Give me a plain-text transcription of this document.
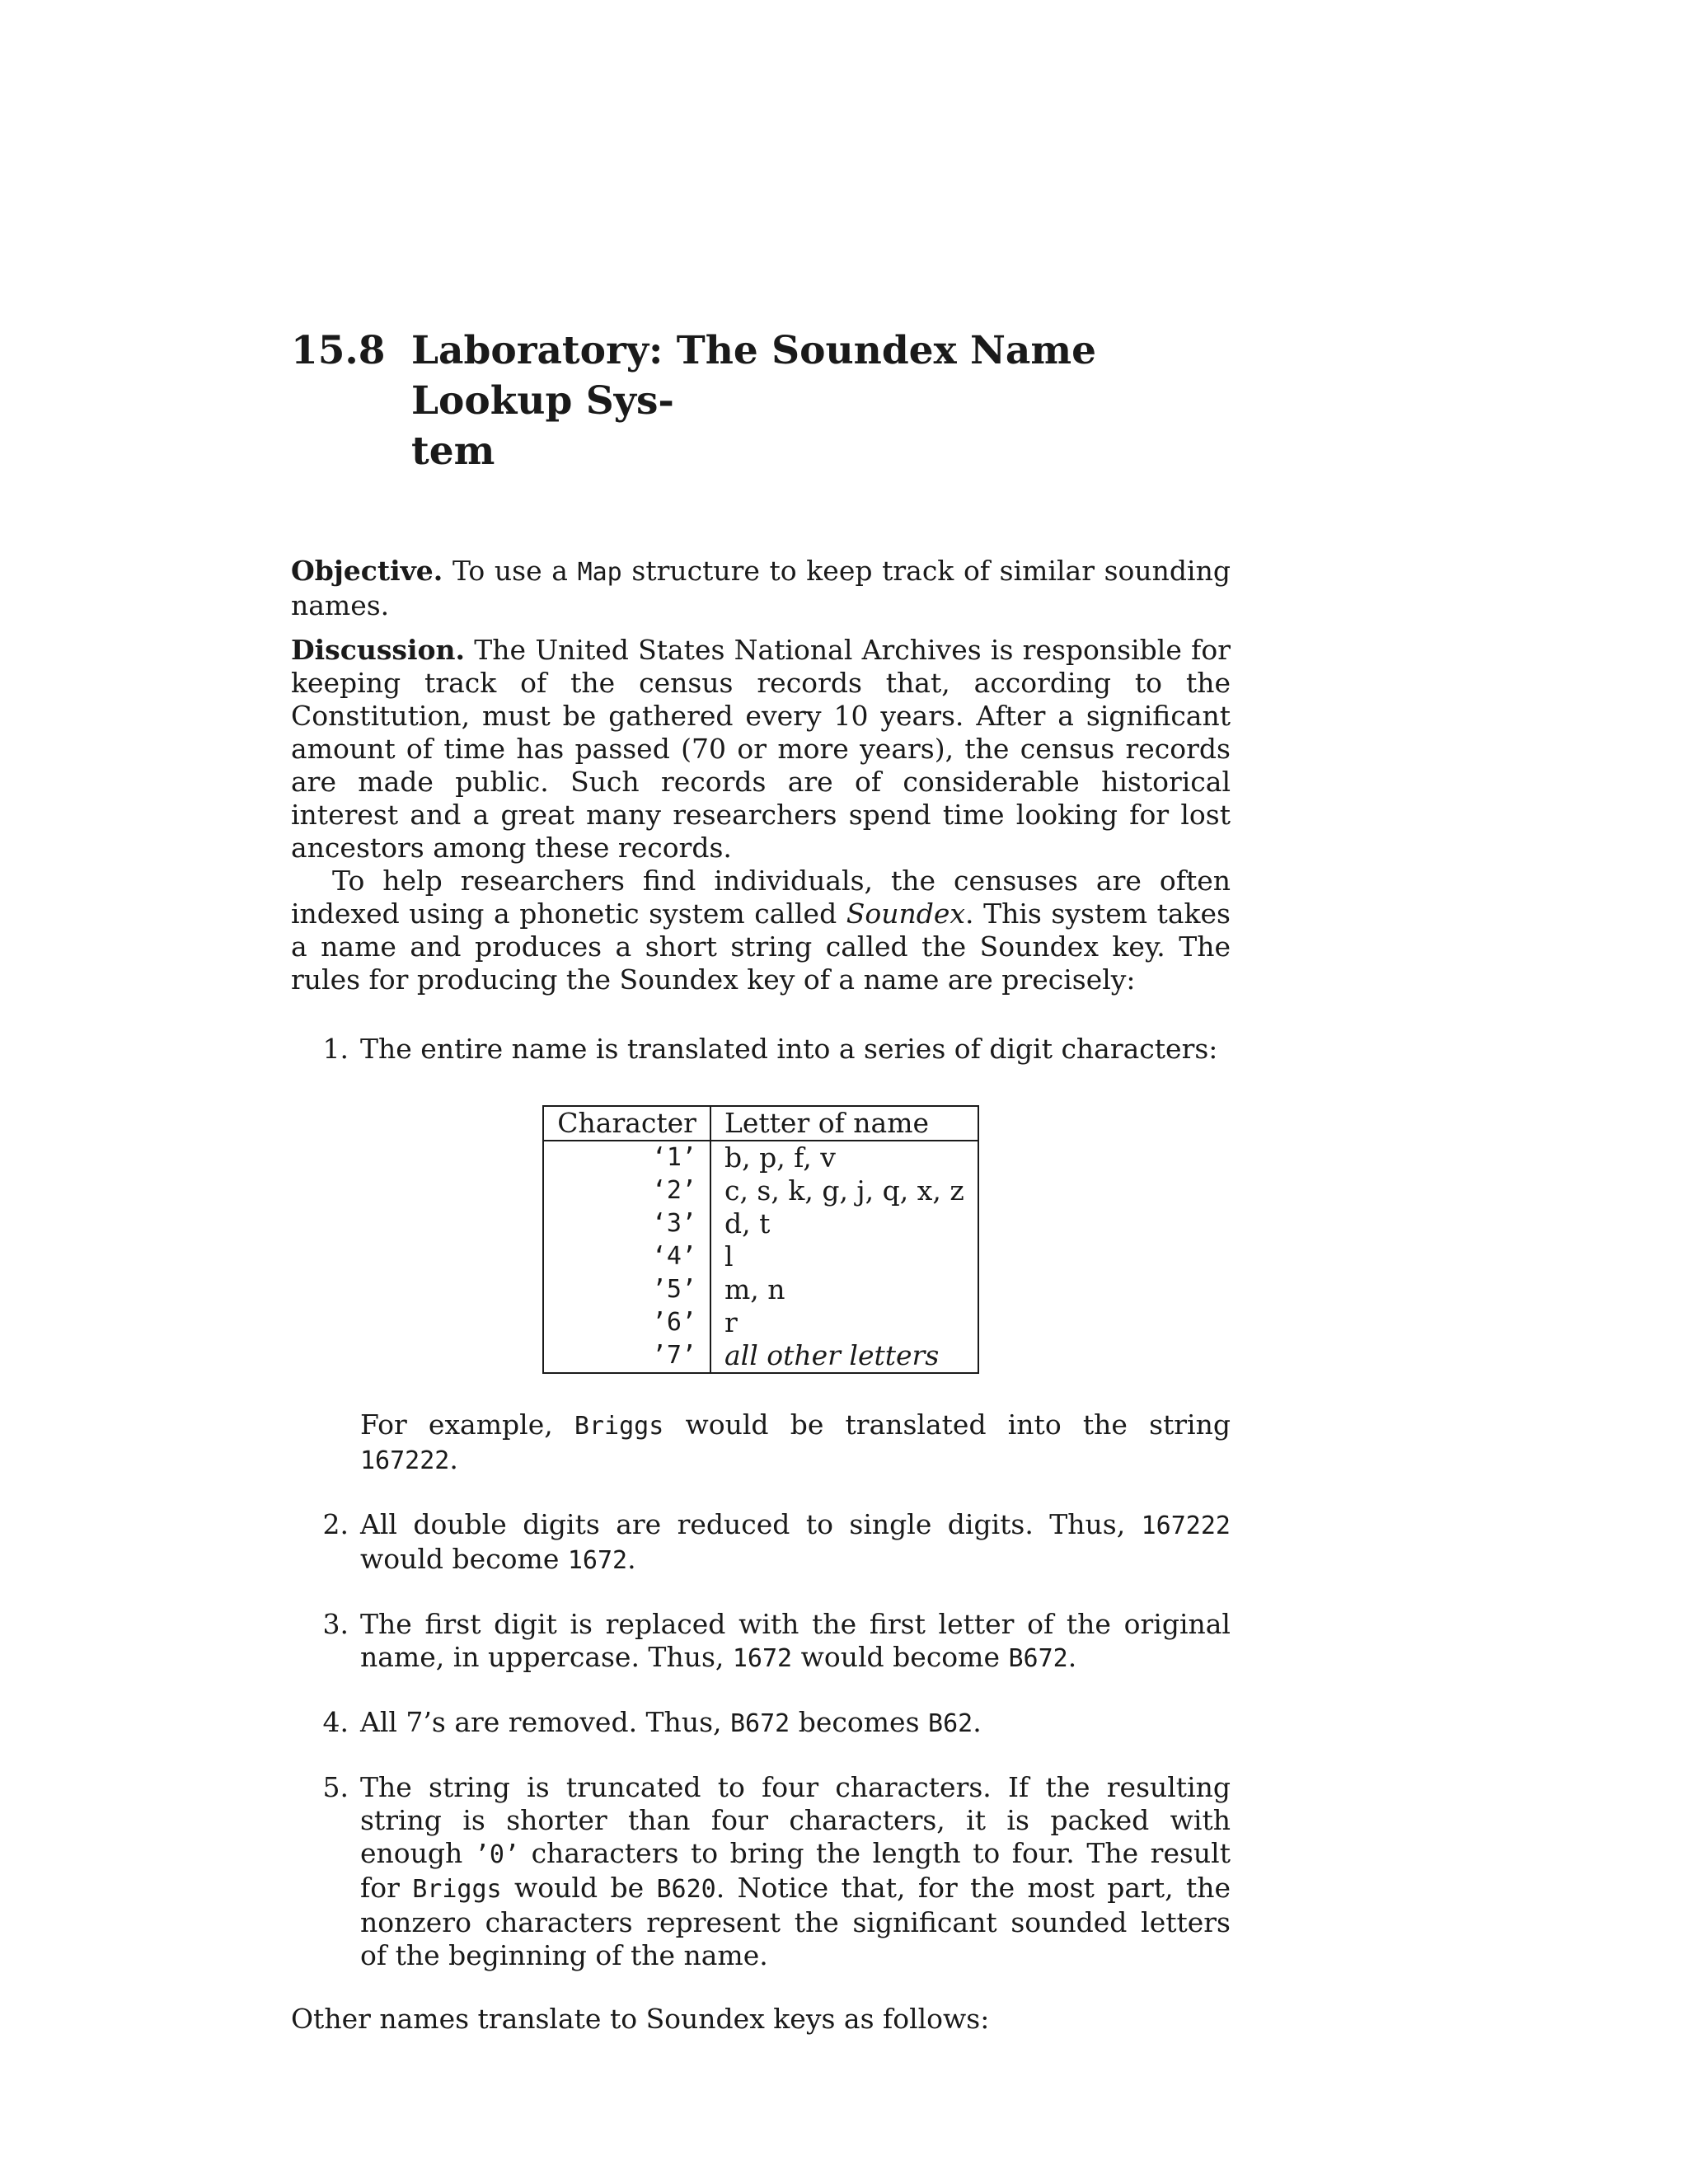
15.8 Laboratory: The Soundex Name Lookup Sys-
tem

Objective. To use a Map structure to keep track of similar sounding names.

Discussion. The United States National Archives is responsible for keeping track of the census records that, according to the Constitution, must be gathered every 10 years. After a significant amount of time has passed (70 or more years), the census records are made public. Such records are of considerable historical interest and a great many researchers spend time looking for lost ancestors among these records.

To help researchers find individuals, the censuses are often indexed using a phonetic system called Soundex. This system takes a name and produces a short string called the Soundex key. The rules for producing the Soundex key of a name are precisely:

1. The entire name is translated into a series of digit characters:

Character	Letter of name
‘1’	b, p, f, v
‘2’	c, s, k, g, j, q, x, z
‘3’	d, t
‘4’	l
’5’	m, n
’6’	r
’7’	all other letters

For example, Briggs would be translated into the string 167222.

2. All double digits are reduced to single digits. Thus, 167222 would become 1672.

3. The first digit is replaced with the first letter of the original name, in uppercase. Thus, 1672 would become B672.

4. All 7’s are removed. Thus, B672 becomes B62.

5. The string is truncated to four characters. If the resulting string is shorter than four characters, it is packed with enough ’0’ characters to bring the length to four. The result for Briggs would be B620. Notice that, for the most part, the nonzero characters represent the significant sounded letters of the beginning of the name.

Other names translate to Soundex keys as follows:
